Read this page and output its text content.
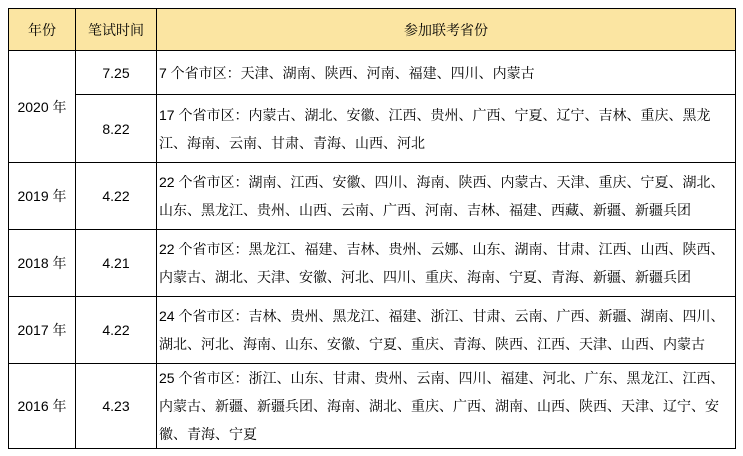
年份	笔试时间	参加联考省份
2020 年	7.25	7 个省市区：天津、湖南、陕西、河南、福建、四川、内蒙古
	8.22	17 个省市区：内蒙古、湖北、安徽、江西、贵州、广西、宁夏、辽宁、吉林、重庆、黑龙江、海南、云南、甘肃、青海、山西、河北
2019 年	4.22	22 个省市区：湖南、江西、安徽、四川、海南、陕西、内蒙古、天津、重庆、宁夏、湖北、山东、黑龙江、贵州、山西、云南、广西、河南、吉林、福建、西藏、新疆、新疆兵团
2018 年	4.21	22 个省市区：黑龙江、福建、吉林、贵州、云娜、山东、湖南、甘肃、江西、山西、陕西、内蒙古、湖北、天津、安徽、河北、四川、重庆、海南、宁夏、青海、新疆、新疆兵团
2017 年	4.22	24 个省市区：吉林、贵州、黑龙江、福建、浙江、甘肃、云南、广西、新疆、湖南、四川、湖北、河北、海南、山东、安徽、宁夏、重庆、青海、陕西、江西、天津、山西、内蒙古
2016 年	4.23	25 个省市区：浙江、山东、甘肃、贵州、云南、四川、福建、河北、广东、黑龙江、江西、内蒙古、新疆、新疆兵团、海南、湖北、重庆、广西、湖南、山西、陕西、天津、辽宁、安徽、青海、宁夏
